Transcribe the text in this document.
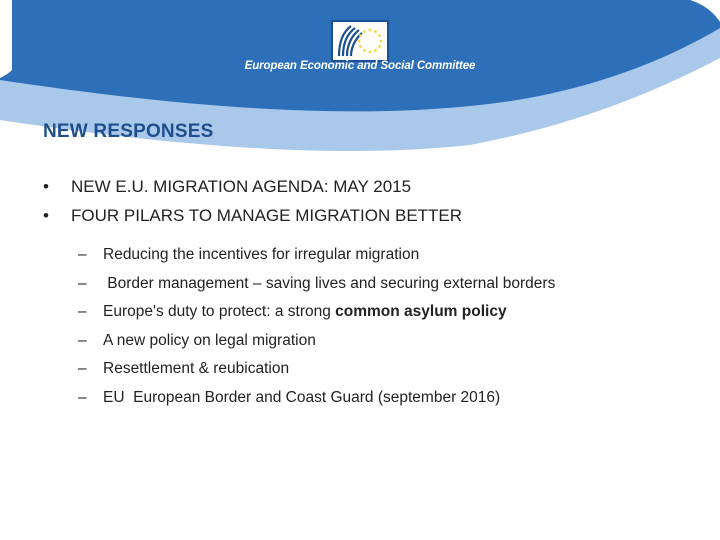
European Economic and Social Committee
NEW RESPONSES
• NEW E.U. MIGRATION AGENDA: MAY 2015
• FOUR PILARS TO MANAGE MIGRATION BETTER
– Reducing the incentives for irregular migration
– Border management – saving lives and securing external borders
– Europe's duty to protect: a strong common asylum policy
– A new policy on legal migration
– Resettlement & reubication
– EU  European Border and Coast Guard (september 2016)
